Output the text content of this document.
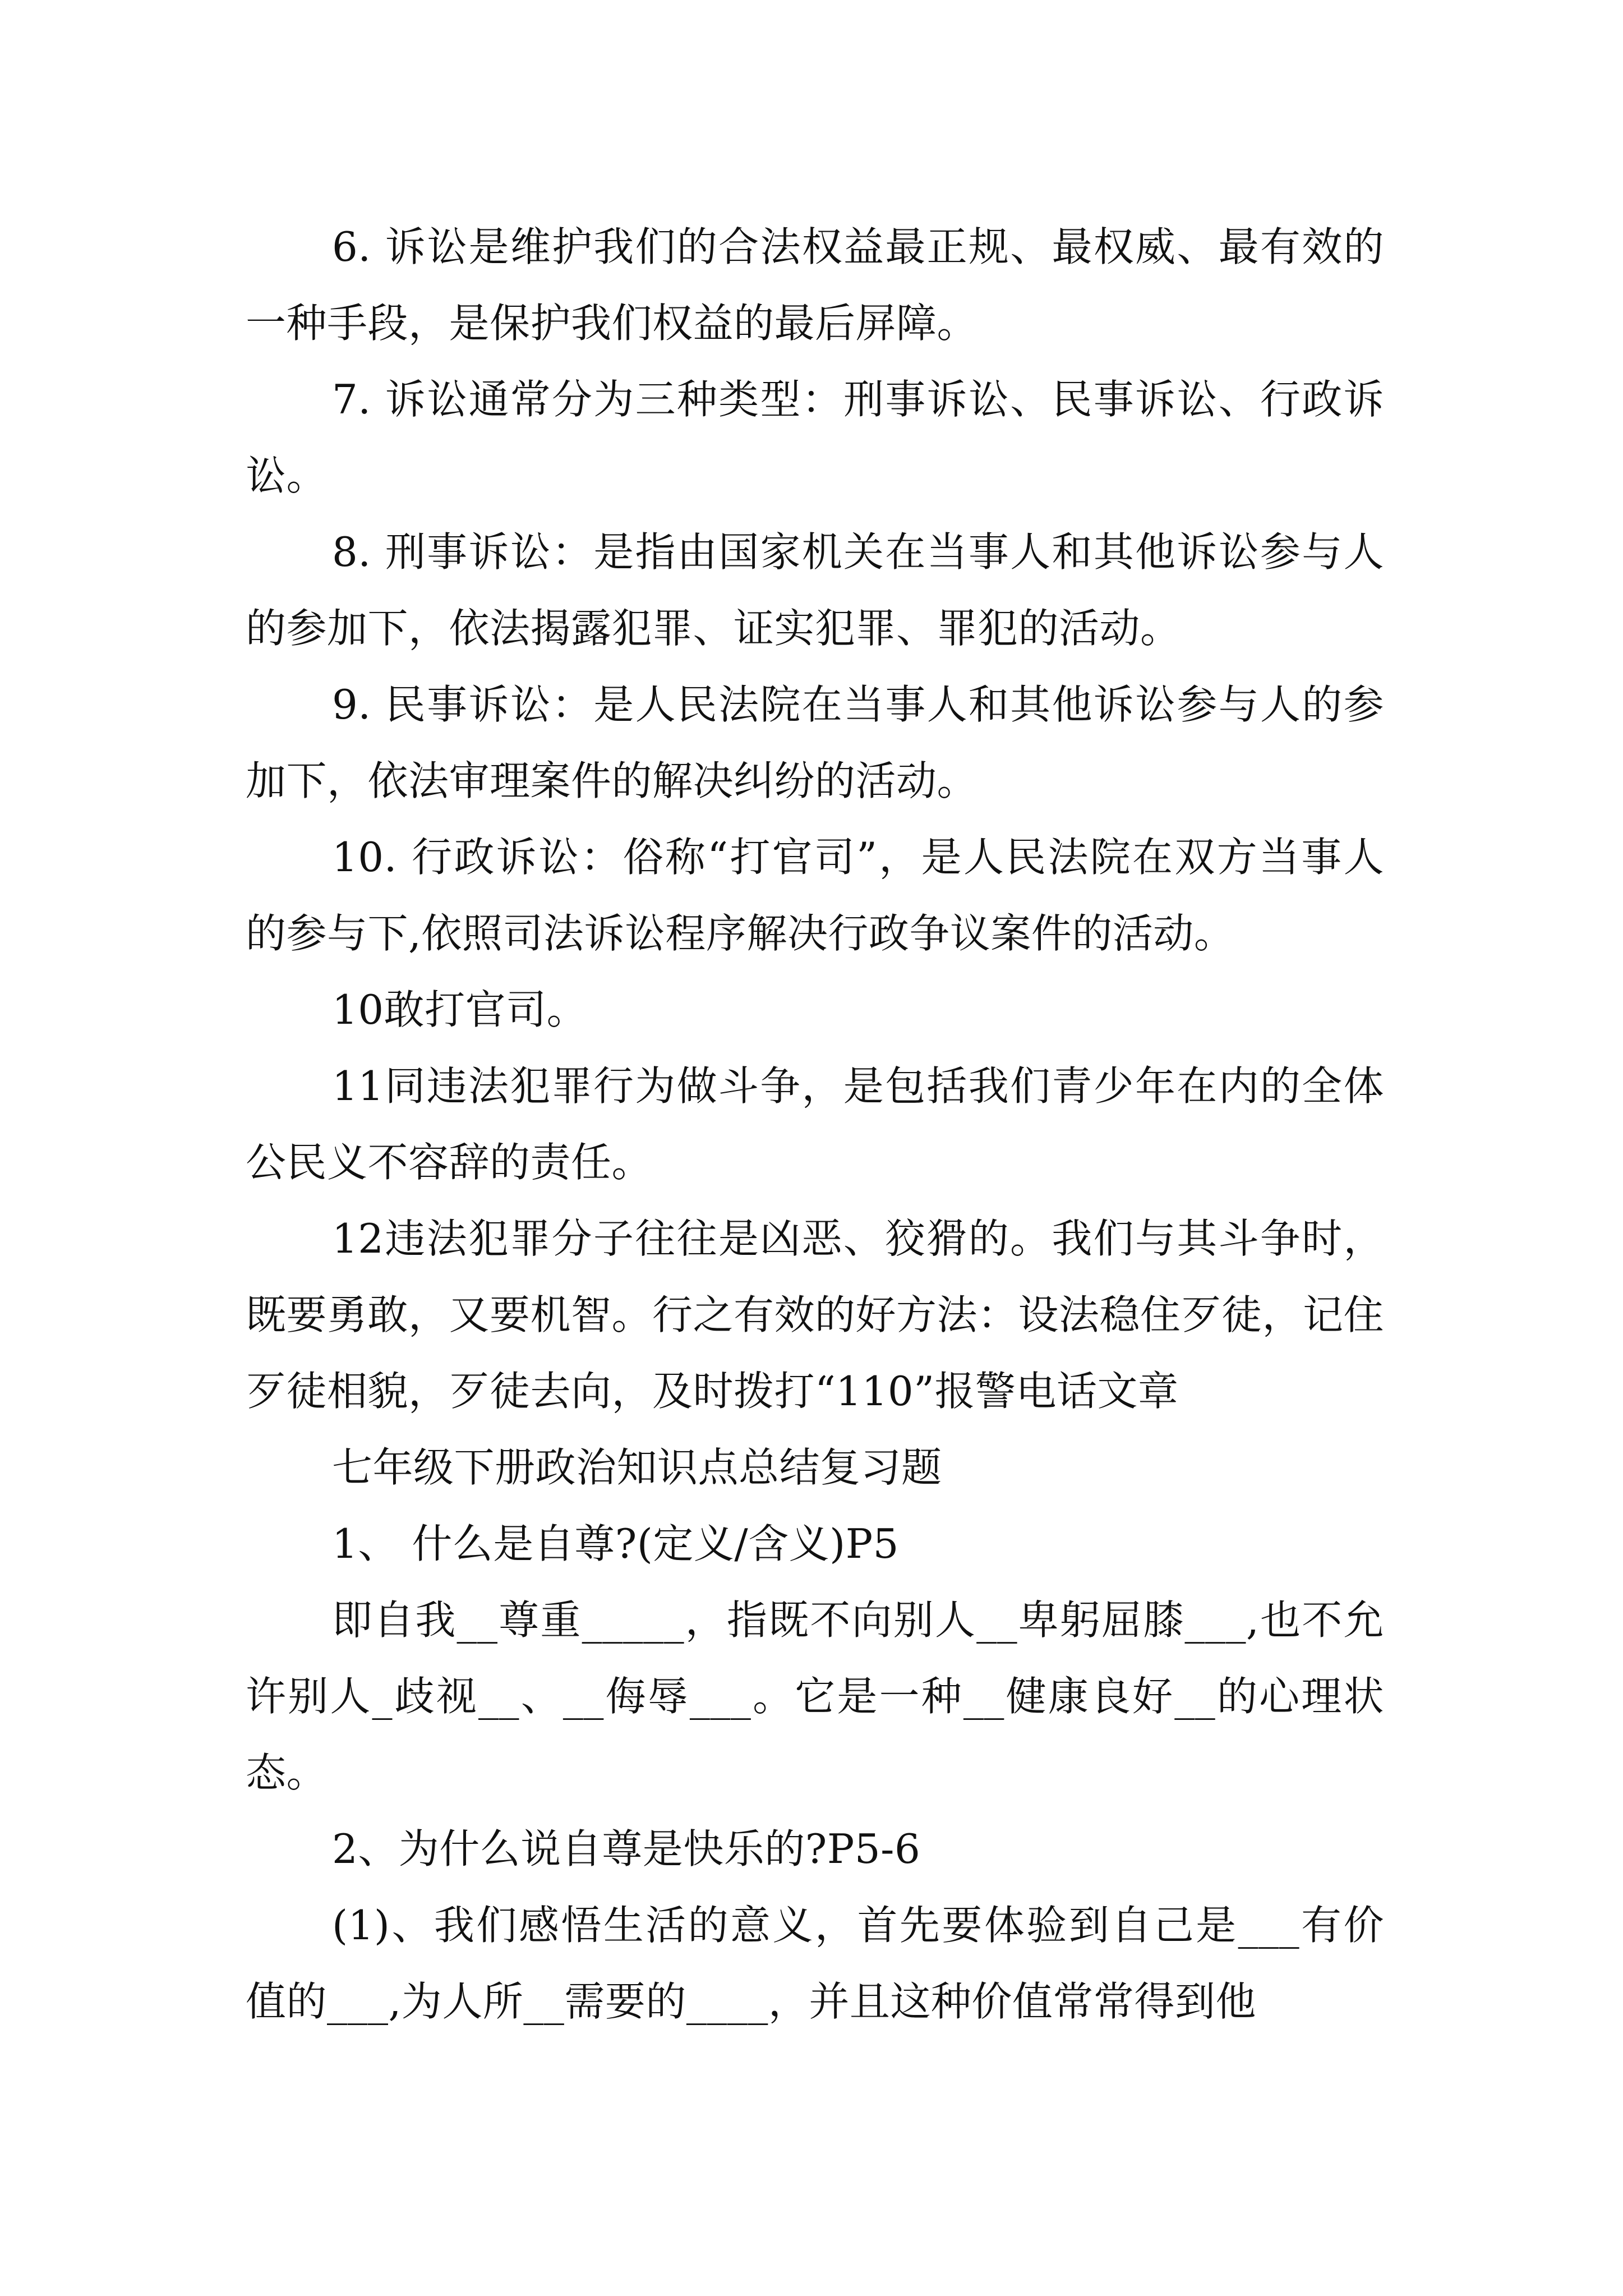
6. 诉讼是维护我们的合法权益最正规、最权威、最有效的一种手段，是保护我们权益的最后屏障。

7. 诉讼通常分为三种类型：刑事诉讼、民事诉讼、行政诉讼。

8. 刑事诉讼：是指由国家机关在当事人和其他诉讼参与人的参加下，依法揭露犯罪、证实犯罪、罪犯的活动。

9. 民事诉讼：是人民法院在当事人和其他诉讼参与人的参加下，依法审理案件的解决纠纷的活动。

10. 行政诉讼：俗称“打官司”，是人民法院在双方当事人的参与下,依照司法诉讼程序解决行政争议案件的活动。

10敢打官司。

11同违法犯罪行为做斗争，是包括我们青少年在内的全体公民义不容辞的责任。

12违法犯罪分子往往是凶恶、狡猾的。我们与其斗争时，既要勇敢，又要机智。行之有效的好方法：设法稳住歹徒，记住歹徒相貌，歹徒去向，及时拨打“110”报警电话文章

七年级下册政治知识点总结复习题

1、 什么是自尊?(定义/含义)P5

即自我__尊重_____，指既不向别人__卑躬屈膝___,也不允许别人_歧视__、__侮辱___。它是一种__健康良好__的心理状态。

2、为什么说自尊是快乐的?P5-6

(1)、我们感悟生活的意义，首先要体验到自己是___有价值的___,为人所__需要的____，并且这种价值常常得到他
